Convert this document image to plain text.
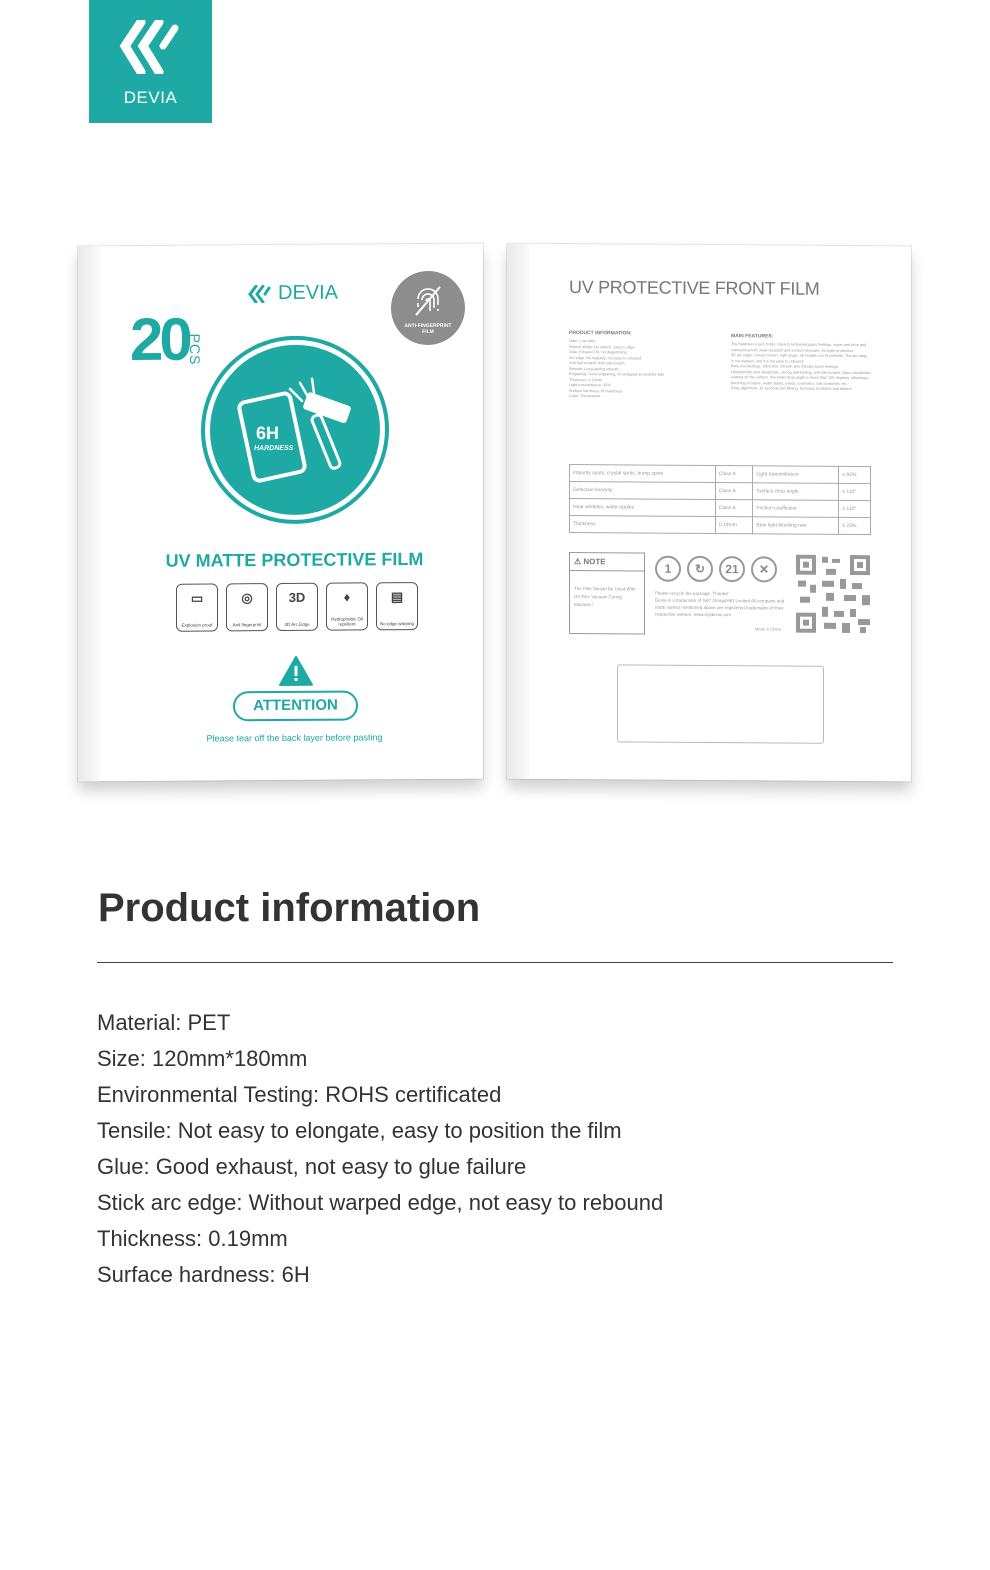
DEVIA
DEVIA
20
PCS
ANTI-FINGERPRINT FILM
6H
HARDNESS
UV MATTE PROTECTIVE FILM
▭
Explosion proof
◎
Anti fingerprint
3D
3D Arc Edge
♦
Hydrophobic Oil repellent
▤
No edge warping
ATTENTION
Please tear off the back layer before pasting
UV PROTECTIVE FRONT FILM
PRODUCT INFORMATION:
Odor: Low odor
Stretch ability: No stretch, easy to align
Glue: Exhaust OK, no degumming
Arc edge: No warping, not easy to rebound
Anti-nail scratch: Anti nail scratch
Smooth: Long-lasting smooth
Engraving: Good engraving, no wrapped around the side
Thickness: 0.19mm
Light transmittance: 92%
Surface hardness: 6H hardness
Color: Transparent
MAIN FEATURES:
The hardness reach to 6H, close to tempered glass feelings, super anti-drop and explosion-proof, wear-resistant and scratch-resistant, stronger protection
3D arc edge, curved screen, right angle, all models can fit perfectly. The arc edge is not warped, and it is not easy to rebound
Bare use feelings. Ultra-thin, smooth skin-friendly touch feelings
Hydrophobic and oleophobic, strong anti-fouling, anti-nail scratch. Nano-oleophobic coating on the surface, the water drop angle is more than 105 degrees, effectively blocking oil stains, water stains, sweat, cosmetics, nail scratches, etc.
Easy alignment, 15 seconds fast filming. Not easy to stretch and deform
Impurity spots, crystal spots, bump spots	Class A	Light transmittance	≥ 92%
Defective linearity	Class A	Surface drop angle	≥ 110°
Heat wrinkles, water ripples	Class A	Friction coefficient	≥ 110°
Thickness	0.19mm	Blue light blocking rate	≥ 23%
⚠ NOTE
The Film Should Be Used With UV Film Vacuum Curing Machine !
1	↻	21	✕
Please recycle the package. Thanks!
Devia is a trademark of S&T Group(HK) Limited All company and trade names mentioned above are registered trademarks of their respective owners. www.mydevia.com
Made in China
Product information
Material: PET
Size: 120mm*180mm
Environmental Testing: ROHS certificated
Tensile: Not easy to elongate, easy to position the film
Glue: Good exhaust, not easy to glue failure
Stick arc edge: Without warped edge, not easy to rebound
Thickness: 0.19mm
Surface hardness: 6H
